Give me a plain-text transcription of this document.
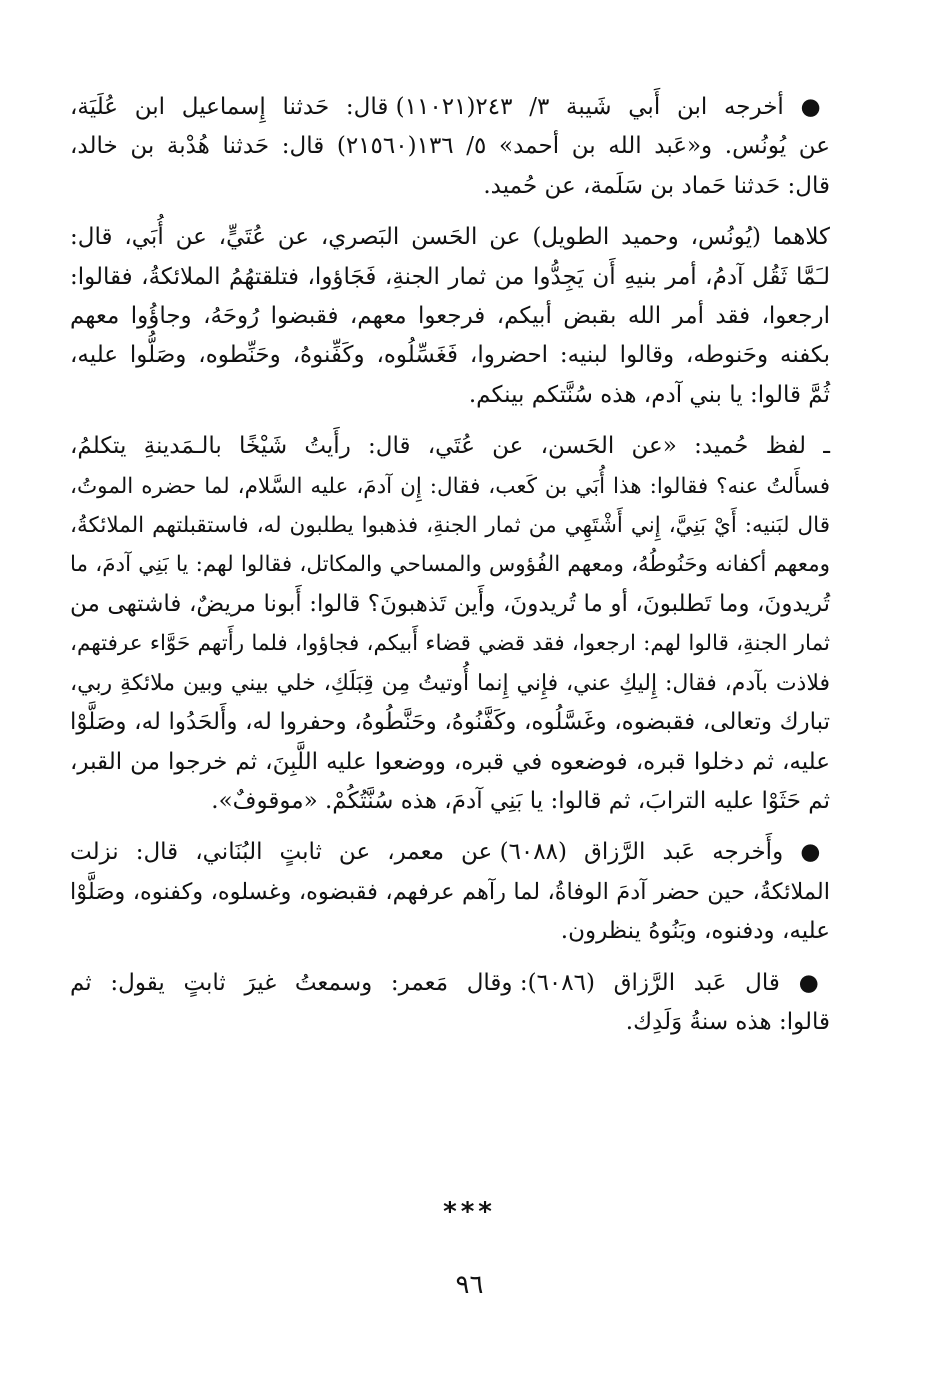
● أخرجه ابن أَبي شَيبة ٣/ ٢٤٣(١١٠٢١) قال: حَدثنا إِسماعيل ابن عُلَيَة،
عن يُونُس. و«عَبد الله بن أحمد» ٥/ ١٣٦(٢١٥٦٠) قال: حَدثنا هُدْبة بن خالد،
قال: حَدثنا حَماد بن سَلَمة، عن حُميد.
كلاهما (يُونُس، وحميد الطويل) عن الحَسن البَصري، عن عُتَيٍّ، عن أُبَي، قال:
لـَمَّا ثَقُل آدمُ، أمر بنيهِ أَن يَجِدُّوا من ثمار الجنةِ، فَجَاؤوا، فتلقتهُمُ الملائكةُ، فقالوا:
ارجعوا، فقد أمر الله بقبض أبيكم، فرجعوا معهم، فقبضوا رُوحَهُ، وجاؤُوا معهم
بكفنه وحَنوطه، وقالوا لبنيه: احضروا، فَغَسِّلُوه، وكَفِّنوهُ، وحَنِّطوه، وصَلُّوا عليه،
ثُمَّ قالوا: يا بني آدم، هذه سُنَّتكم بينكم.
ـ لفظ حُميد: «عن الحَسن، عن عُتَي، قال: رأَيتُ شَيْخًا بالـمَدينةِ يتكلمُ،
فسأَلتُ عنه؟ فقالوا: هذا أُبَي بن كَعب، فقال: إِن آدمَ، عليه السَّلام، لما حضره الموتُ،
قال لبَنيه: أَيْ بَنِيَّ، إِني أَشْتَهِي من ثمار الجنةِ، فذهبوا يطلبون له، فاستقبلتهم الملائكةُ،
ومعهم أكفانه وحَنُوطُهُ، ومعهم الفُؤوس والمساحي والمكاتل، فقالوا لهم: يا بَنِي آدمَ، ما
تُريدونَ، وما تَطلبونَ، أو ما تُريدونَ، وأَين تَذهبونَ؟ قالوا: أَبونا مريضٌ، فاشتهى من
ثمار الجنةِ، قالوا لهم: ارجعوا، فقد قضي قضاء أَبيكم، فجاؤوا، فلما رأَتهم حَوَّاء عرفتهم،
فلاذت بآدم، فقال: إِليكِ عني، فإِني إِنما أُوتيتُ مِن قِبَلَكِ، خلي بيني وبين ملائكةِ ربي،
تبارك وتعالى، فقبضوه، وغَسَّلُوه، وكَفَّنُوهُ، وحَنَّطُوهُ، وحفروا له، وأَلحَدُوا له، وصَلَّوْا
عليه، ثم دخلوا قبره، فوضعوه في قبره، ووضعوا عليه اللَّبِنَ، ثم خرجوا من القبر،
ثم حَثَوْا عليه الترابَ، ثم قالوا: يا بَنِي آدمَ، هذه سُنَّتُكُمْ. «موقوفٌ».
● وأَخرجه عَبد الرَّزاق (٦٠٨٨) عن معمر، عن ثابتٍ البُنَاني، قال: نزلت
الملائكةُ، حين حضر آدمَ الوفاةُ، لما رآهم عرفهم، فقبضوه، وغسلوه، وكفنوه، وصَلَّوْا
عليه، ودفنوه، وبَنُوهُ ينظرون.
● قال عَبد الرَّزاق (٦٠٨٦): وقال مَعمر: وسمعتُ غيرَ ثابتٍ يقول: ثم
قالوا: هذه سنةُ وَلَدِك.
***
٩٦
